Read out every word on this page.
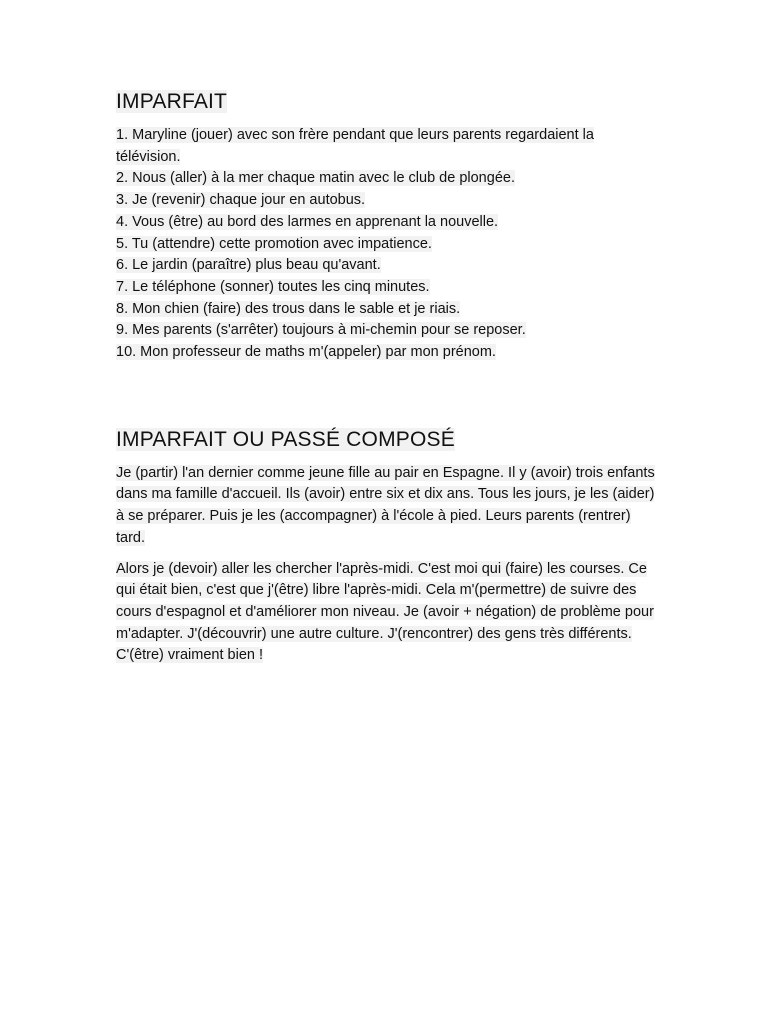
IMPARFAIT
1. Maryline (jouer) avec son frère pendant que leurs parents regardaient la télévision.
2. Nous (aller) à la mer chaque matin avec le club de plongée.
3. Je (revenir) chaque jour en autobus.
4. Vous (être) au bord des larmes en apprenant la nouvelle.
5. Tu (attendre) cette promotion avec impatience.
6. Le jardin (paraître) plus beau qu'avant.
7. Le téléphone (sonner) toutes les cinq minutes.
8. Mon chien (faire) des trous dans le sable et je riais.
9. Mes parents (s'arrêter) toujours à mi-chemin pour se reposer.
10. Mon professeur de maths m'(appeler) par mon prénom.
IMPARFAIT OU PASSÉ COMPOSÉ

Je (partir) l'an dernier comme jeune fille au pair en Espagne. Il y (avoir) trois enfants dans ma famille d'accueil. Ils (avoir) entre six et dix ans. Tous les jours, je les (aider) à se préparer. Puis je les (accompagner) à l'école à pied. Leurs parents (rentrer) tard.

Alors je (devoir) aller les chercher l'après-midi. C'est moi qui (faire) les courses. Ce qui était bien, c'est que j'(être) libre l'après-midi. Cela m'(permettre) de suivre des cours d'espagnol et d'améliorer mon niveau. Je (avoir + négation) de problème pour m'adapter. J'(découvrir) une autre culture. J'(rencontrer) des gens très différents. C'(être) vraiment bien !
